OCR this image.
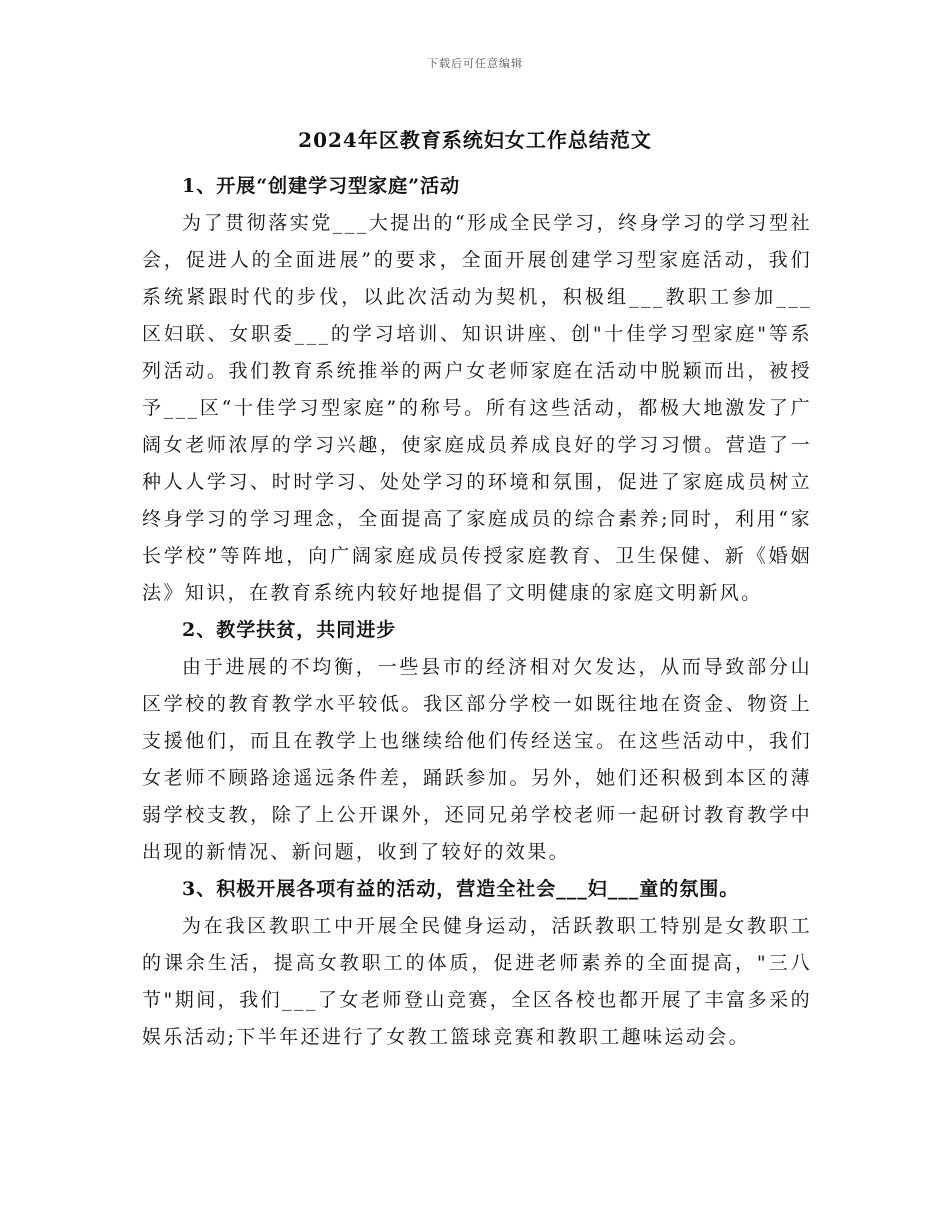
下载后可任意编辑
2024年区教育系统妇女工作总结范文

1、开展“创建学习型家庭”活动

为了贯彻落实党___大提出的“形成全民学习，终身学习的学习型社会，促进人的全面进展”的要求，全面开展创建学习型家庭活动，我们系统紧跟时代的步伐，以此次活动为契机，积极组___教职工参加___区妇联、女职委___的学习培训、知识讲座、创"十佳学习型家庭"等系列活动。我们教育系统推举的两户女老师家庭在活动中脱颖而出，被授予___区“十佳学习型家庭”的称号。所有这些活动，都极大地激发了广阔女老师浓厚的学习兴趣，使家庭成员养成良好的学习习惯。营造了一种人人学习、时时学习、处处学习的环境和氛围，促进了家庭成员树立终身学习的学习理念，全面提高了家庭成员的综合素养;同时，利用“家长学校”等阵地，向广阔家庭成员传授家庭教育、卫生保健、新《婚姻法》知识，在教育系统内较好地提倡了文明健康的家庭文明新风。

2、教学扶贫，共同进步

由于进展的不均衡，一些县市的经济相对欠发达，从而导致部分山区学校的教育教学水平较低。我区部分学校一如既往地在资金、物资上支援他们，而且在教学上也继续给他们传经送宝。在这些活动中，我们女老师不顾路途遥远条件差，踊跃参加。另外，她们还积极到本区的薄弱学校支教，除了上公开课外，还同兄弟学校老师一起研讨教育教学中出现的新情况、新问题，收到了较好的效果。

3、积极开展各项有益的活动，营造全社会___妇___童的氛围。

为在我区教职工中开展全民健身运动，活跃教职工特别是女教职工的课余生活，提高女教职工的体质，促进老师素养的全面提高，"三八节"期间，我们___了女老师登山竞赛，全区各校也都开展了丰富多采的娱乐活动;下半年还进行了女教工篮球竞赛和教职工趣味运动会。
